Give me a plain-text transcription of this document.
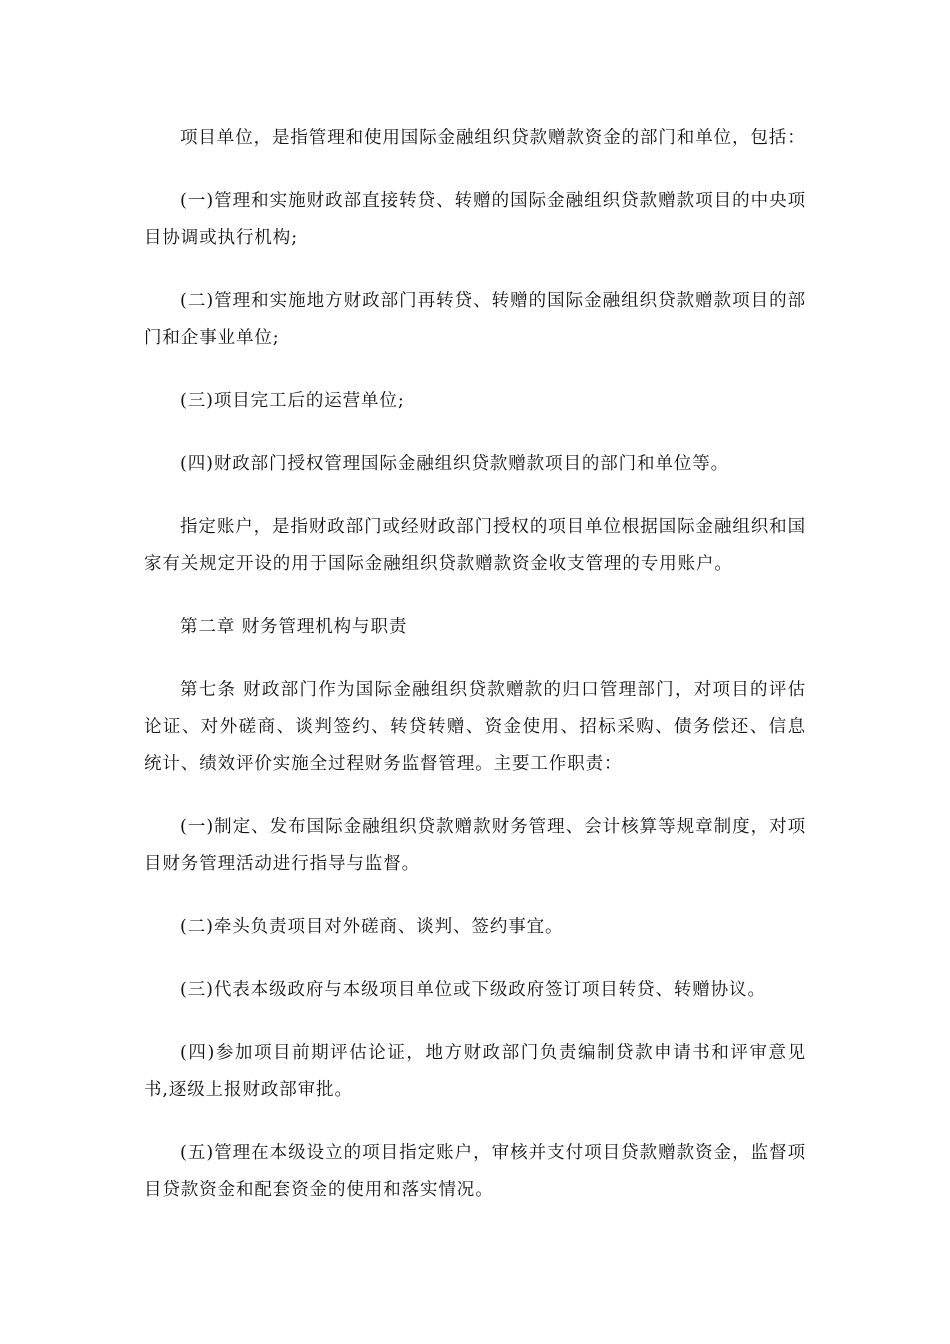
项目单位，是指管理和使用国际金融组织贷款赠款资金的部门和单位，包括：

(一)管理和实施财政部直接转贷、转赠的国际金融组织贷款赠款项目的中央项目协调或执行机构;

(二)管理和实施地方财政部门再转贷、转赠的国际金融组织贷款赠款项目的部门和企事业单位;

(三)项目完工后的运营单位;

(四)财政部门授权管理国际金融组织贷款赠款项目的部门和单位等。

指定账户，是指财政部门或经财政部门授权的项目单位根据国际金融组织和国家有关规定开设的用于国际金融组织贷款赠款资金收支管理的专用账户。

第二章 财务管理机构与职责

第七条 财政部门作为国际金融组织贷款赠款的归口管理部门，对项目的评估论证、对外磋商、谈判签约、转贷转赠、资金使用、招标采购、债务偿还、信息统计、绩效评价实施全过程财务监督管理。主要工作职责：

(一)制定、发布国际金融组织贷款赠款财务管理、会计核算等规章制度，对项目财务管理活动进行指导与监督。

(二)牵头负责项目对外磋商、谈判、签约事宜。

(三)代表本级政府与本级项目单位或下级政府签订项目转贷、转赠协议。

(四)参加项目前期评估论证，地方财政部门负责编制贷款申请书和评审意见书,逐级上报财政部审批。

(五)管理在本级设立的项目指定账户，审核并支付项目贷款赠款资金，监督项目贷款资金和配套资金的使用和落实情况。
